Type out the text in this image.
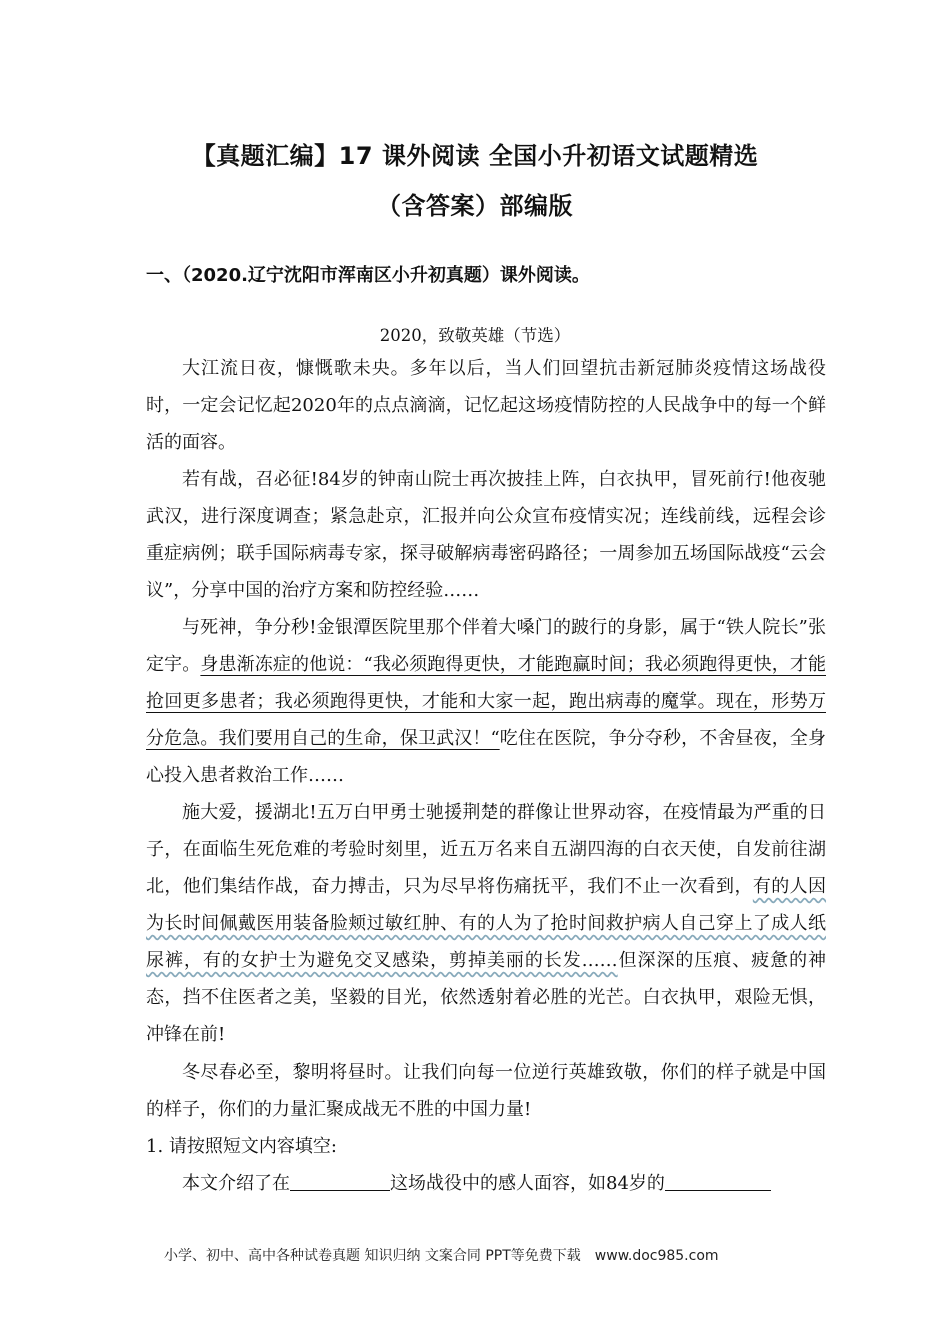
【真题汇编】17 课外阅读 全国小升初语文试题精选
（含答案）部编版
一、（2020.辽宁沈阳市浑南区小升初真题）课外阅读。
2020，致敬英雄（节选）
大江流日夜，慷慨歌未央。多年以后，当人们回望抗击新冠肺炎疫情这场战役时，一定会记忆起2020年的点点滴滴，记忆起这场疫情防控的人民战争中的每一个鲜活的面容。
若有战，召必征!84岁的钟南山院士再次披挂上阵，白衣执甲，冒死前行!他夜驰武汉，进行深度调查；紧急赴京，汇报并向公众宣布疫情实况；连线前线，远程会诊重症病例；联手国际病毒专家，探寻破解病毒密码路径；一周参加五场国际战疫“云会议”，分享中国的治疗方案和防控经验……
与死神，争分秒!金银潭医院里那个伴着大嗓门的跛行的身影，属于“铁人院长”张定宇。身患渐冻症的他说：“我必须跑得更快，才能跑赢时间；我必须跑得更快，才能抢回更多患者；我必须跑得更快，才能和大家一起，跑出病毒的魔掌。现在，形势万分危急。我们要用自己的生命，保卫武汉！“吃住在医院，争分夺秒，不舍昼夜，全身心投入患者救治工作……
施大爱，援湖北!五万白甲勇士驰援荆楚的群像让世界动容，在疫情最为严重的日子，在面临生死危难的考验时刻里，近五万名来自五湖四海的白衣天使，自发前往湖北，他们集结作战，奋力搏击，只为尽早将伤痛抚平，我们不止一次看到，有的人因为长时间佩戴医用装备脸颊过敏红肿、有的人为了抢时间救护病人自己穿上了成人纸尿裤，有的女护士为避免交叉感染，剪掉美丽的长发……但深深的压痕、疲惫的神态，挡不住医者之美，坚毅的目光，依然透射着必胜的光芒。白衣执甲，艰险无惧，冲锋在前!
冬尽春必至，黎明将昼时。让我们向每一位逆行英雄致敬，你们的样子就是中国的样子，你们的力量汇聚成战无不胜的中国力量!
1. 请按照短文内容填空:
本文介绍了在	这场战役中的感人面容，如84岁的
小学、初中、高中各种试卷真题 知识归纳 文案合同 PPT等免费下载 www.doc985.com
